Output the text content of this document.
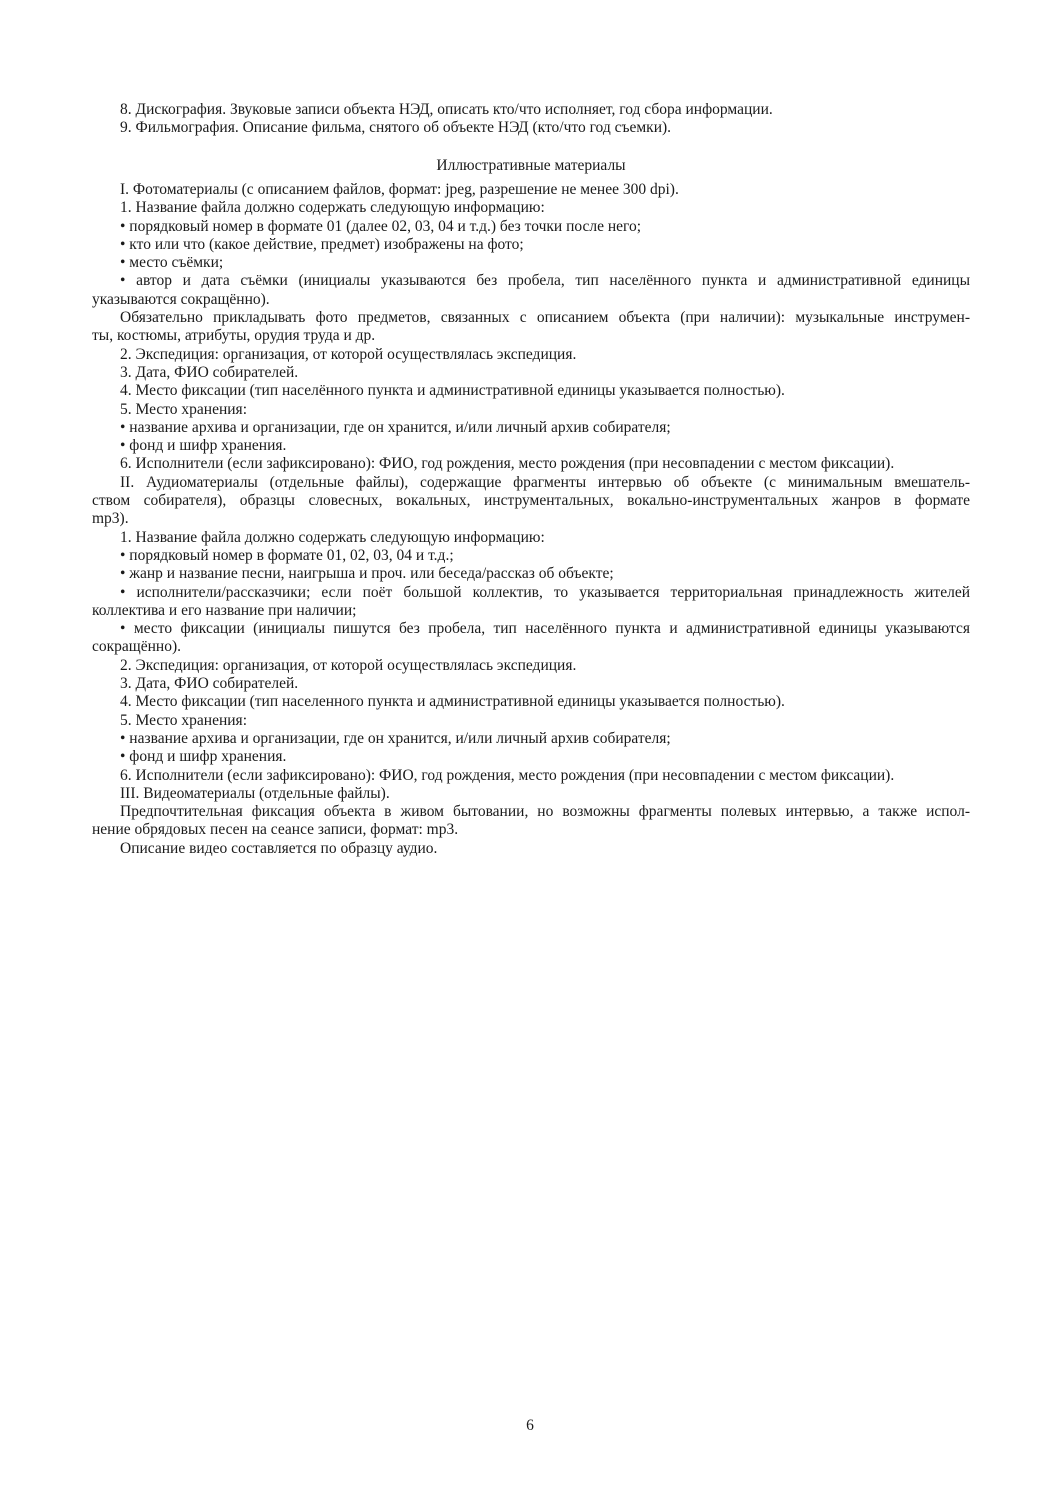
8. Дискография. Звуковые записи объекта НЭД, описать кто/что исполняет, год сбора информации.
9. Фильмография. Описание фильма, снятого об объекте НЭД (кто/что год съемки).
Иллюстративные материалы
I. Фотоматериалы (с описанием файлов, формат: jpeg, разрешение не менее 300 dpi).
1. Название файла должно содержать следующую информацию:
• порядковый номер в формате 01 (далее 02, 03, 04 и т.д.) без точки после него;
• кто или что (какое действие, предмет) изображены на фото;
• место съёмки;
• автор и дата съёмки (инициалы указываются без пробела, тип населённого пункта и административной единицы
указываются сокращённо).
Обязательно прикладывать фото предметов, связанных с описанием объекта (при наличии): музыкальные инструмен-
ты, костюмы, атрибуты, орудия труда и др.
2. Экспедиция: организация, от которой осуществлялась экспедиция.
3. Дата, ФИО собирателей.
4. Место фиксации (тип населённого пункта и административной единицы указывается полностью).
5. Место хранения:
• название архива и организации, где он хранится, и/или личный архив собирателя;
• фонд и шифр хранения.
6. Исполнители (если зафиксировано): ФИО, год рождения, место рождения (при несовпадении с местом фиксации).
II. Аудиоматериалы (отдельные файлы), содержащие фрагменты интервью об объекте (с минимальным вмешатель-
ством собирателя), образцы словесных, вокальных, инструментальных, вокально-инструментальных жанров в формате
mp3).
1. Название файла должно содержать следующую информацию:
• порядковый номер в формате 01, 02, 03, 04 и т.д.;
• жанр и название песни, наигрыша и проч. или беседа/рассказ об объекте;
• исполнители/рассказчики; если поёт большой коллектив, то указывается территориальная принадлежность жителей
коллектива и его название при наличии;
• место фиксации (инициалы пишутся без пробела, тип населённого пункта и административной единицы указываются
сокращённо).
2. Экспедиция: организация, от которой осуществлялась экспедиция.
3. Дата, ФИО собирателей.
4. Место фиксации (тип населенного пункта и административной единицы указывается полностью).
5. Место хранения:
• название архива и организации, где он хранится, и/или личный архив собирателя;
• фонд и шифр хранения.
6. Исполнители (если зафиксировано): ФИО, год рождения, место рождения (при несовпадении с местом фиксации).
III. Видеоматериалы (отдельные файлы).
Предпочтительная фиксация объекта в живом бытовании, но возможны фрагменты полевых интервью, а также испол-
нение обрядовых песен на сеансе записи, формат: mp3.
Описание видео составляется по образцу аудио.
6
